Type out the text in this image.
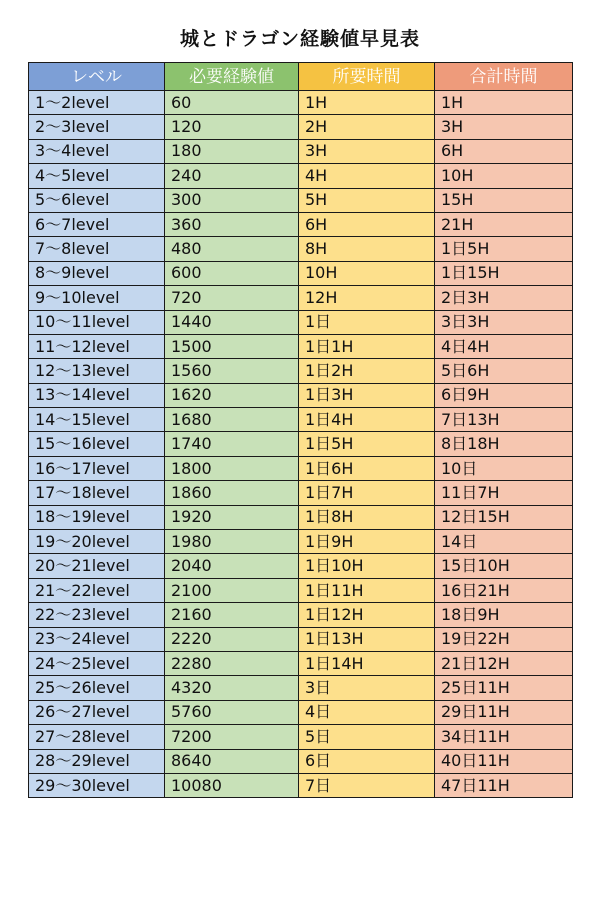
城とドラゴン経験値早見表
レベル	必要経験値	所要時間	合計時間
1～2level	60	1H	1H
2～3level	120	2H	3H
3～4level	180	3H	6H
4～5level	240	4H	10H
5～6level	300	5H	15H
6～7level	360	6H	21H
7～8level	480	8H	1日5H
8～9level	600	10H	1日15H
9～10level	720	12H	2日3H
10～11level	1440	1日	3日3H
11～12level	1500	1日1H	4日4H
12～13level	1560	1日2H	5日6H
13～14level	1620	1日3H	6日9H
14～15level	1680	1日4H	7日13H
15～16level	1740	1日5H	8日18H
16～17level	1800	1日6H	10日
17～18level	1860	1日7H	11日7H
18～19level	1920	1日8H	12日15H
19～20level	1980	1日9H	14日
20～21level	2040	1日10H	15日10H
21～22level	2100	1日11H	16日21H
22～23level	2160	1日12H	18日9H
23～24level	2220	1日13H	19日22H
24～25level	2280	1日14H	21日12H
25～26level	4320	3日	25日11H
26～27level	5760	4日	29日11H
27～28level	7200	5日	34日11H
28～29level	8640	6日	40日11H
29～30level	10080	7日	47日11H
